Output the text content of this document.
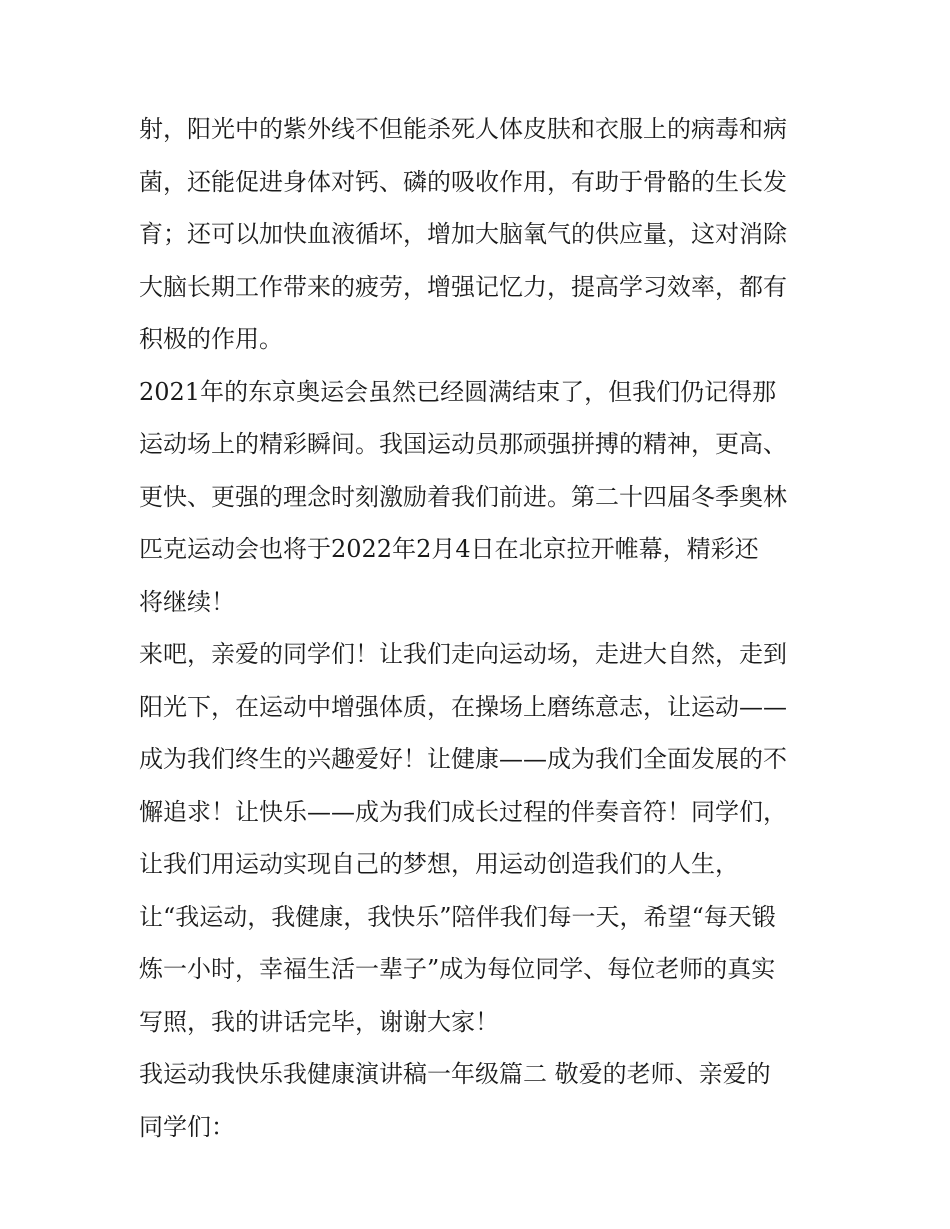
射，阳光中的紫外线不但能杀死人体皮肤和衣服上的病毒和病
菌，还能促进身体对钙、磷的吸收作用，有助于骨骼的生长发
育；还可以加快血液循坏，增加大脑氧气的供应量，这对消除
大脑长期工作带来的疲劳，增强记忆力，提高学习效率，都有
积极的作用。
2021年的东京奥运会虽然已经圆满结束了，但我们仍记得那
运动场上的精彩瞬间。我国运动员那顽强拼搏的精神，更高、
更快、更强的理念时刻激励着我们前进。第二十四届冬季奥林
匹克运动会也将于2022年2月4日在北京拉开帷幕，精彩还
将继续！
来吧，亲爱的同学们！让我们走向运动场，走进大自然，走到
阳光下，在运动中增强体质，在操场上磨练意志，让运动——
成为我们终生的兴趣爱好！让健康——成为我们全面发展的不
懈追求！让快乐——成为我们成长过程的伴奏音符！同学们，
让我们用运动实现自己的梦想，用运动创造我们的人生，
让“我运动，我健康，我快乐”陪伴我们每一天，希望“每天锻
炼一小时，幸福生活一辈子”成为每位同学、每位老师的真实
写照，我的讲话完毕，谢谢大家！
我运动我快乐我健康演讲稿一年级篇二 敬爱的老师、亲爱的
同学们：
